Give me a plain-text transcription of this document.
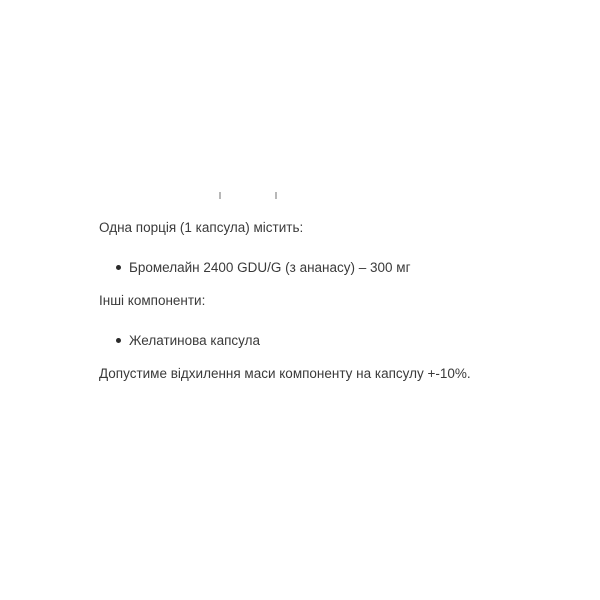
Одна порція (1 капсула) містить:

Бромелайн 2400 GDU/G (з ананасу) – 300 мг

Інші компоненти:

Желатинова капсула

Допустиме відхилення маси компоненту на капсулу +-10%.
